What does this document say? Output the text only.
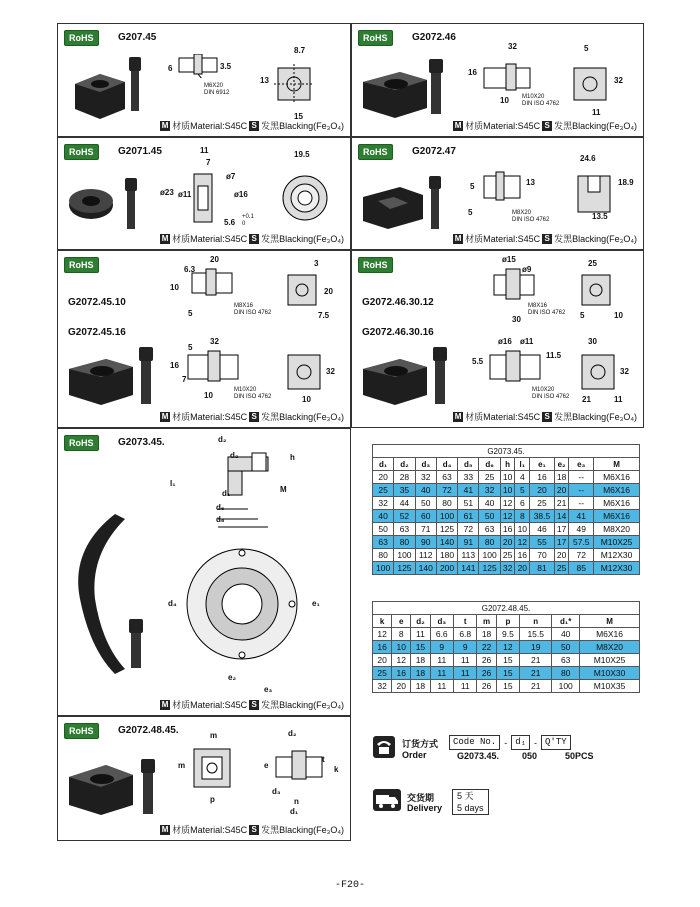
RoHS	G207.45
M6X20
DIN 6912
6	3.5
8.7
13
15
M 材质Material:S45C S 发黑Blacking(Fe₃O₄)
RoHS	G2072.46
32
16
10 M10X20
DIN ISO 4762
5
32
11
M 材质Material:S45C S 发黑Blacking(Fe₃O₄)
RoHS	G2071.45	11
7
ø23 ø11
ø7
ø16
5.6
+0.1
0
19.5
M 材质Material:S45C S 发黑Blacking(Fe₃O₄)
RoHS	G2072.47
13
5
5	M8X20
DIN ISO 4762
24.6
18.9
13.5
M 材质Material:S45C S 发黑Blacking(Fe₃O₄)
RoHS
G2072.45.10
G2072.45.16
20
6.3
10
5
M8X16
DIN ISO 4762
3
20
7.5
32
5
16
7
10
M10X20
DIN ISO 4762
32
10
M 材质Material:S45C S 发黑Blacking(Fe₃O₄)
RoHS
G2072.46.30.12
G2072.46.30.16
ø15
ø9
30
M8X16
DIN ISO 4762
25
10
5
ø16 ø11
5.5
11.5
M10X20
DIN ISO 4762
30
32
21	11
M 材质Material:S45C S 发黑Blacking(Fe₃O₄)
RoHS	G2073.45.	d₂
h
d₃
d₁
d₅
d₆
M
l₁
d₄	e₁
e₂
e₃
M 材质Material:S45C S 发黑Blacking(Fe₃O₄)
RoHS	G2072.48.45.	m
p
m
d₂
e
t
k
d₃
n
d₁
M 材质Material:S45C S 发黑Blacking(Fe₃O₄)
G2073.45.											
d₁	d₂	d₃	d₄	d₅	d₆	h	l₁	e₁	e₂	e₃	M
20	28	32	63	33	25	10	4	16	18	--	M6X16
25	35	40	72	41	32	10	5	20	20	--	M6X16
32	44	50	80	51	40	12	6	25	21	--	M6X16
40	52	60	100	61	50	12	8	38.5	14	41	M6X16
50	63	71	125	72	63	16	10	46	17	49	M8X20
63	80	90	140	91	80	20	12	55	17	57.5	M10X25
80	100	112	180	113	100	25	16	70	20	72	M12X30
100	125	140	200	141	125	32	20	81	25	85	M12X30
G2072.48.45.									
k	e	d₂	d₃	t	m	p	n	d₁*	M
12	8	11	6.6	6.8	18	9.5	15.5	40	M6X16
16	10	15	9	9	22	12	19	50	M8X20
20	12	18	11	11	26	15	21	63	M10X25
25	16	18	11	11	26	15	21	80	M10X30
32	20	18	11	11	26	15	21	100	M10X35
订货方式
Order
Code No. - d₁ - Q'TY
G2073.45.	050	50PCS
交货期
Delivery
5 天
5 days
-F20-
